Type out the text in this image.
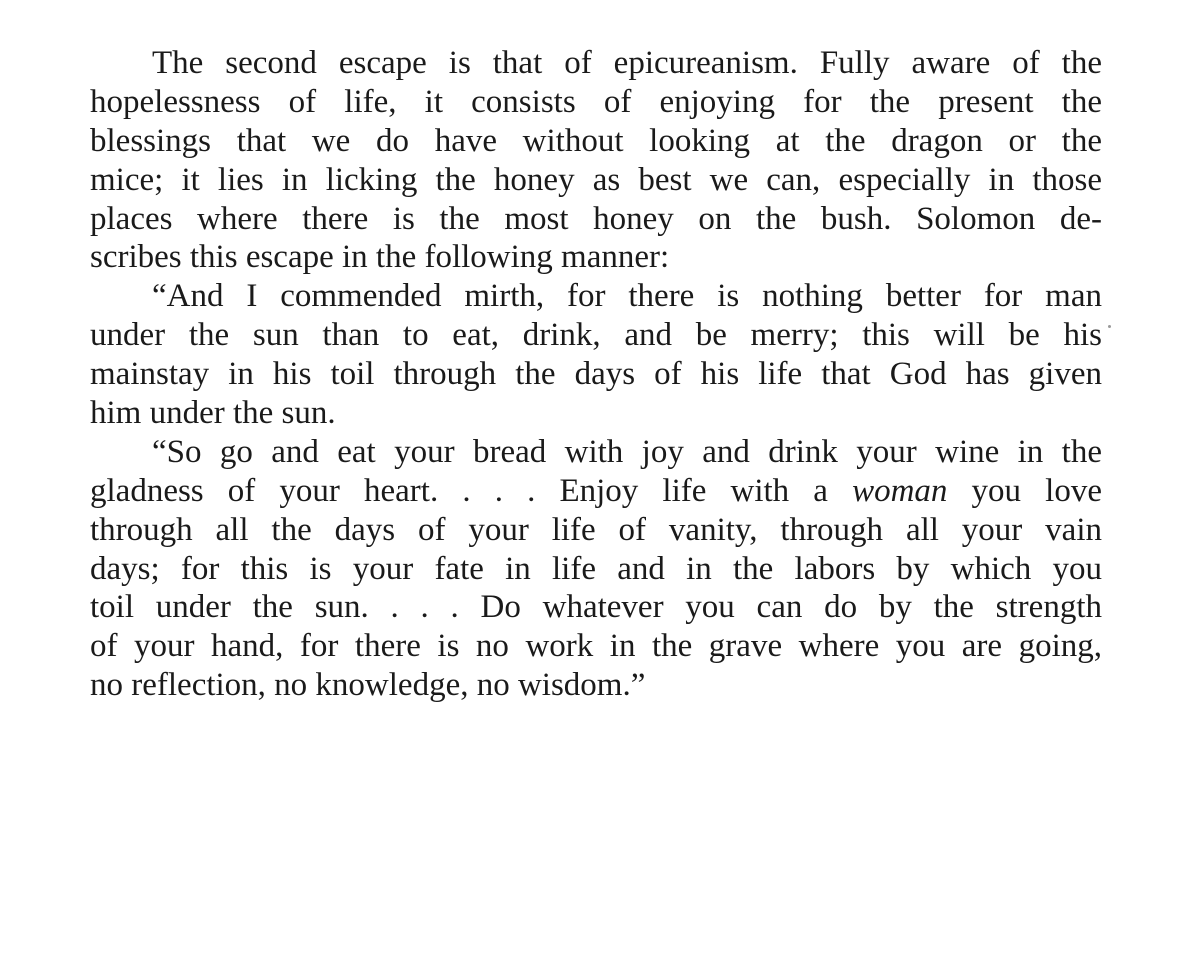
The second escape is that of epicureanism. Fully aware of the
hopelessness of life, it consists of enjoying for the present the
blessings that we do have without looking at the dragon or the
mice; it lies in licking the honey as best we can, especially in those
places where there is the most honey on the bush. Solomon de-
scribes this escape in the following manner:
“And I commended mirth, for there is nothing better for man
under the sun than to eat, drink, and be merry; this will be his
mainstay in his toil through the days of his life that God has given
him under the sun.
“So go and eat your bread with joy and drink your wine in the
gladness of your heart. . . . Enjoy life with a woman you love
through all the days of your life of vanity, through all your vain
days; for this is your fate in life and in the labors by which you
toil under the sun. . . . Do whatever you can do by the strength
of your hand, for there is no work in the grave where you are going,
no reflection, no knowledge, no wisdom.”
